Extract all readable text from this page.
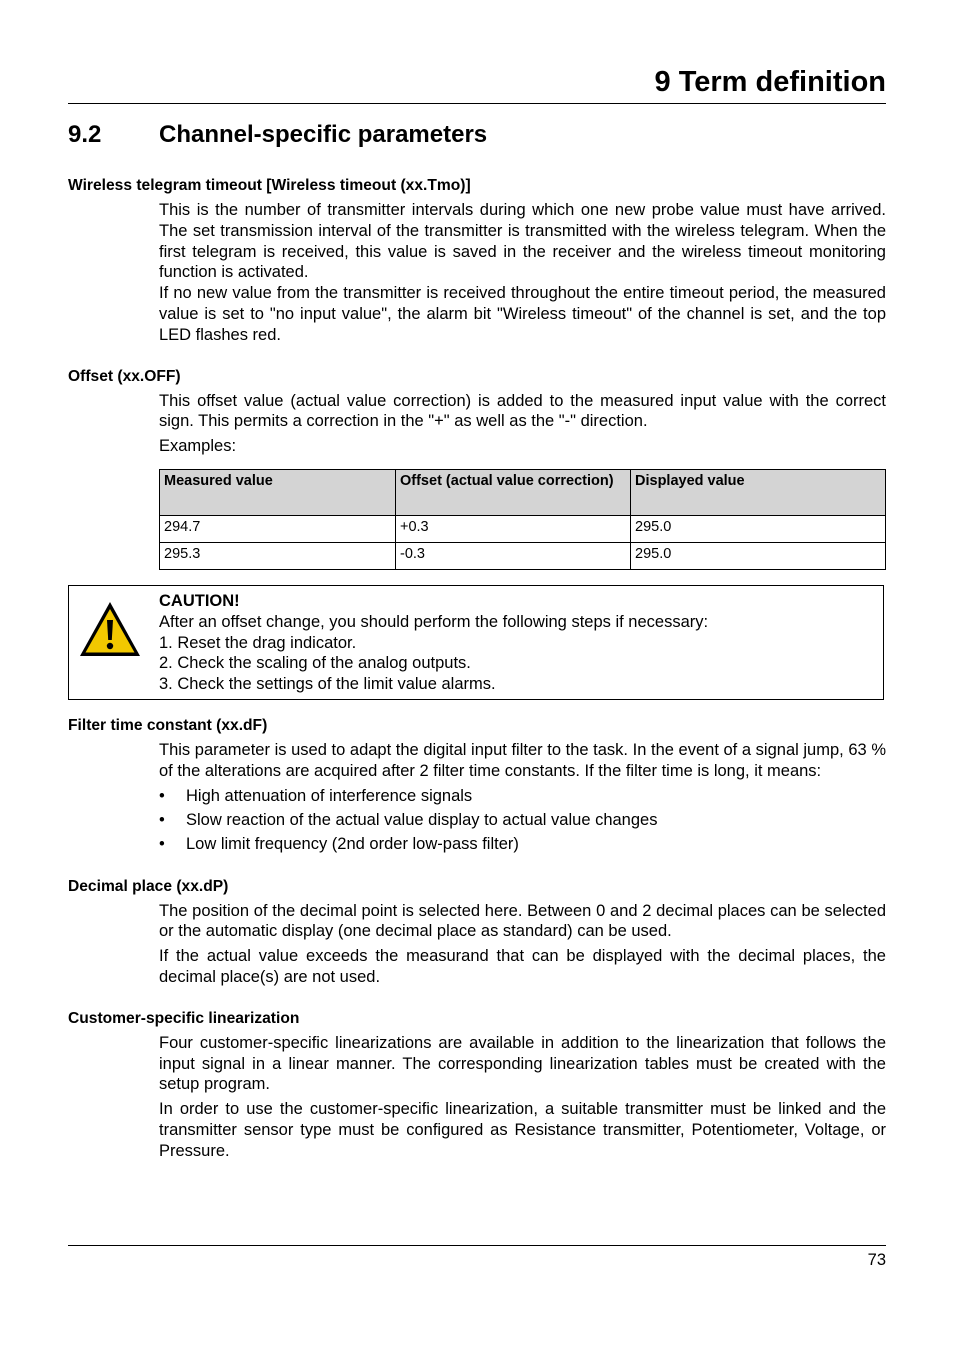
9 Term definition
9.2 Channel-specific parameters
Wireless telegram timeout [Wireless timeout (xx.Tmo)]

This is the number of transmitter intervals during which one new probe value must have arrived. The set transmission interval of the transmitter is transmitted with the wireless telegram. When the first telegram is received, this value is saved in the receiver and the wireless timeout monitoring function is activated.

If no new value from the transmitter is received throughout the entire timeout period, the measured value is set to "no input value", the alarm bit "Wireless timeout" of the channel is set, and the top LED flashes red.

Offset (xx.OFF)

This offset value (actual value correction) is added to the measured input value with the correct sign. This permits a correction in the "+" as well as the "-" direction.

Examples:

Measured value	Offset (actual value correction)	Displayed value
294.7	+0.3	295.0
295.3	-0.3	295.0
CAUTION!
After an offset change, you should perform the following steps if necessary:
1. Reset the drag indicator.
2. Check the scaling of the analog outputs.
3. Check the settings of the limit value alarms.
Filter time constant (xx.dF)

This parameter is used to adapt the digital input filter to the task. In the event of a signal jump, 63 % of the alterations are acquired after 2 filter time constants. If the filter time is long, it means:

• High attenuation of interference signals
• Slow reaction of the actual value display to actual value changes
• Low limit frequency (2nd order low-pass filter)
Decimal place (xx.dP)

The position of the decimal point is selected here. Between 0 and 2 decimal places can be selected or the automatic display (one decimal place as standard) can be used.

If the actual value exceeds the measurand that can be displayed with the decimal places, the decimal place(s) are not used.

Customer-specific linearization

Four customer-specific linearizations are available in addition to the linearization that follows the input signal in a linear manner. The corresponding linearization tables must be created with the setup program.

In order to use the customer-specific linearization, a suitable transmitter must be linked and the transmitter sensor type must be configured as Resistance transmitter, Potentiometer, Voltage, or Pressure.

73
